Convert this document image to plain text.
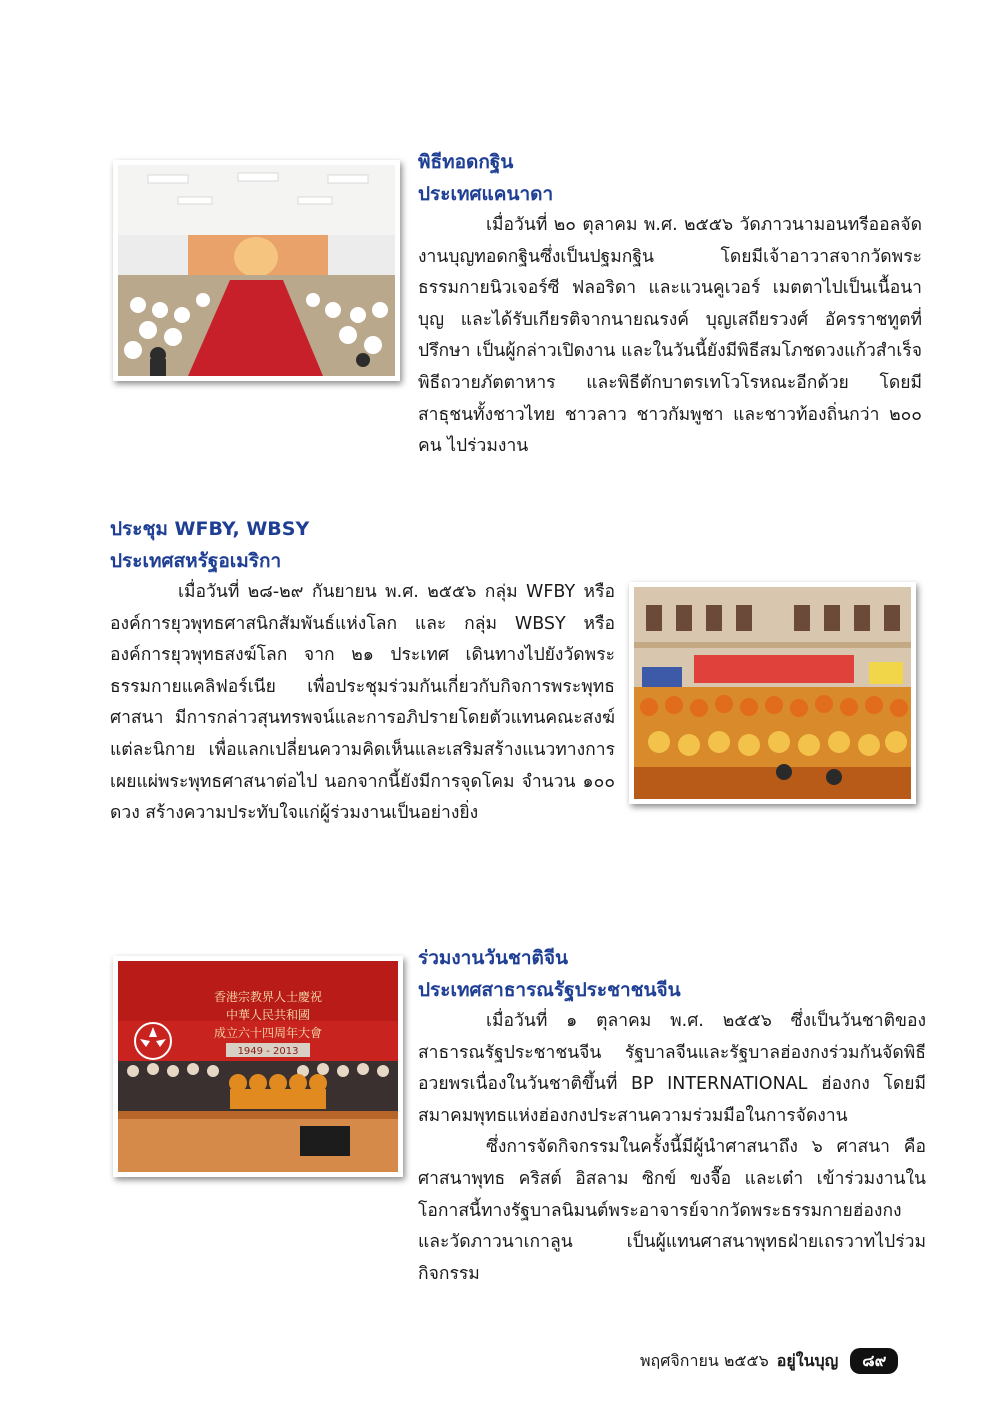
พิธีทอดกฐิน
ประเทศแคนาดา

เมื่อวันที่ ๒๐ ตุลาคม พ.ศ. ๒๕๕๖ วัดภาวนามอนทรีออลจัดงานบุญทอดกฐินซึ่งเป็นปฐมกฐิน โดยมีเจ้าอาวาสจากวัดพระธรรมกายนิวเจอร์ซี ฟลอริดา และแวนคูเวอร์ เมตตาไปเป็นเนื้อนาบุญ และได้รับเกียรติจากนายณรงค์ บุญเสถียรวงศ์ อัครราชทูตที่ปรึกษา เป็นผู้กล่าวเปิดงาน และในวันนี้ยังมีพิธีสมโภชดวงแก้วสำเร็จ พิธีถวายภัตตาหาร และพิธีตักบาตรเทโวโรหณะอีกด้วย โดยมีสาธุชนทั้งชาวไทย ชาวลาว ชาวกัมพูชา และชาวท้องถิ่นกว่า ๒๐๐ คน ไปร่วมงาน

ประชุม WFBY, WBSY
ประเทศสหรัฐอเมริกา

เมื่อวันที่ ๒๘-๒๙ กันยายน พ.ศ. ๒๕๕๖ กลุ่ม WFBY หรือองค์การยุวพุทธศาสนิกสัมพันธ์แห่งโลก และ กลุ่ม WBSY หรือองค์การยุวพุทธสงฆ์โลก จาก ๒๑ ประเทศ เดินทางไปยังวัดพระธรรมกายแคลิฟอร์เนีย เพื่อประชุมร่วมกันเกี่ยวกับกิจการพระพุทธศาสนา มีการกล่าวสุนทรพจน์และการอภิปรายโดยตัวแทนคณะสงฆ์แต่ละนิกาย เพื่อแลกเปลี่ยนความคิดเห็นและเสริมสร้างแนวทางการเผยแผ่พระพุทธศาสนาต่อไป นอกจากนี้ยังมีการจุดโคม จำนวน ๑๐๐ ดวง สร้างความประทับใจแก่ผู้ร่วมงานเป็นอย่างยิ่ง

ร่วมงานวันชาติจีน
ประเทศสาธารณรัฐประชาชนจีน

เมื่อวันที่ ๑ ตุลาคม พ.ศ. ๒๕๕๖ ซึ่งเป็นวันชาติของสาธารณรัฐประชาชนจีน รัฐบาลจีนและรัฐบาลฮ่องกงร่วมกันจัดพิธีอวยพรเนื่องในวันชาติขึ้นที่ BP INTERNATIONAL ฮ่องกง โดยมีสมาคมพุทธแห่งฮ่องกงประสานความร่วมมือในการจัดงาน

ซึ่งการจัดกิจกรรมในครั้งนี้มีผู้นำศาสนาถึง ๖ ศาสนา คือ ศาสนาพุทธ คริสต์ อิสลาม ซิกข์ ขงจื๊อ และเต๋า เข้าร่วมงานในโอกาสนี้ทางรัฐบาลนิมนต์พระอาจารย์จากวัดพระธรรมกายฮ่องกงและวัดภาวนาเกาลูน เป็นผู้แทนศาสนาพุทธฝ่ายเถรวาทไปร่วมกิจกรรม

香港宗教界人士慶祝
中華人民共和國
成立六十四周年大會
1949 - 2013
พฤศจิกายน ๒๕๕๖ อยู่ในบุญ	๘๙
